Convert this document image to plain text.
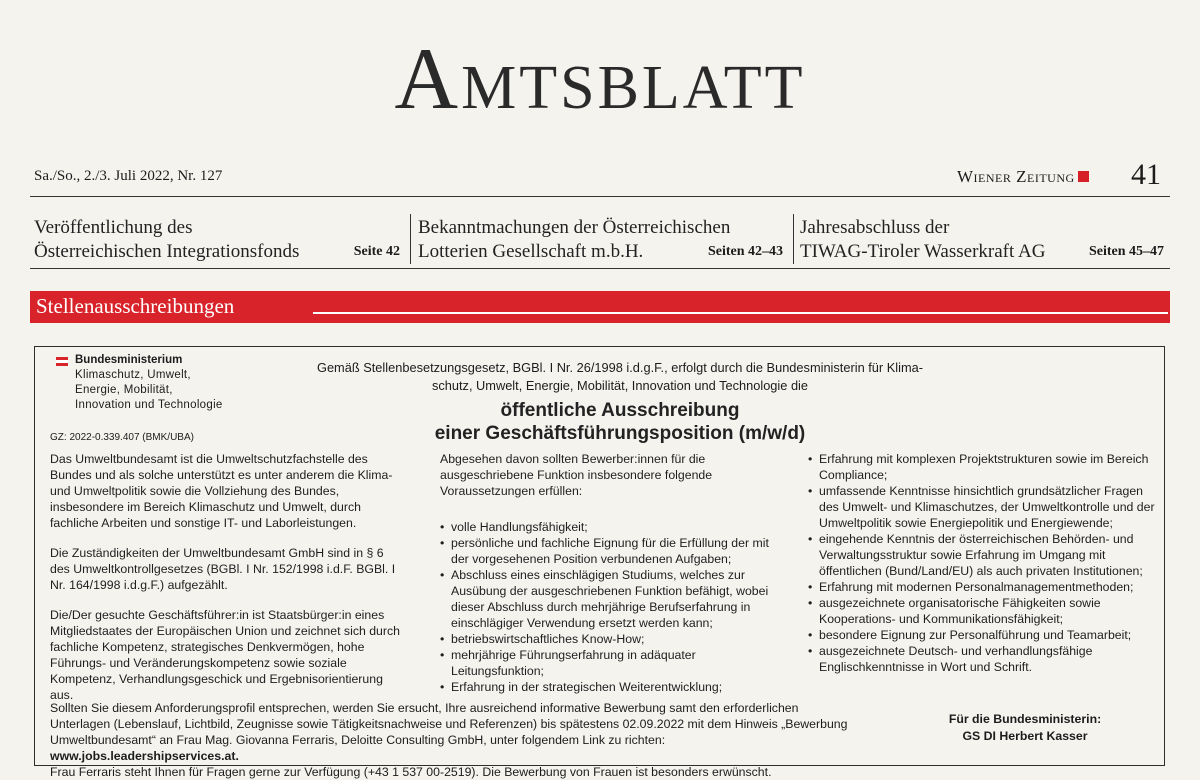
Amtsblatt
Sa./So., 2./3. Juli 2022, Nr. 127	Wiener Zeitung	41
Veröffentlichung des
Österreichischen Integrationsfonds	Seite 42
Bekanntmachungen der Österreichischen
Lotterien Gesellschaft m.b.H.	Seiten 42–43
Jahresabschluss der
TIWAG-Tiroler Wasserkraft AG	Seiten 45–47
Stellenausschreibungen
Bundesministerium
Klimaschutz, Umwelt,
Energie, Mobilität,
Innovation und Technologie
GZ: 2022-0.339.407 (BMK/UBA)
Gemäß Stellenbesetzungsgesetz, BGBl. I Nr. 26/1998 i.d.g.F., erfolgt durch die Bundesministerin für Klima-
schutz, Umwelt, Energie, Mobilität, Innovation und Technologie die
öffentliche Ausschreibung
einer Geschäftsführungsposition (m/w/d)

Das Umweltbundesamt ist die Umweltschutzfachstelle des Bundes und als solche unterstützt es unter anderem die Klima- und Umweltpolitik sowie die Vollziehung des Bundes, insbesondere im Bereich Klimaschutz und Umwelt, durch fachliche Arbeiten und sonstige IT- und Laborleistungen.

Die Zuständigkeiten der Umweltbundesamt GmbH sind in § 6 des Umweltkontrollgesetzes (BGBl. I Nr. 152/1998 i.d.F. BGBl. I Nr. 164/1998 i.d.g.F.) aufgezählt.

Die/Der gesuchte Geschäftsführer:in ist Staatsbürger:in eines Mitgliedstaates der Europäischen Union und zeichnet sich durch fachliche Kompetenz, strategisches Denkvermögen, hohe Führungs- und Veränderungskompetenz sowie soziale Kompetenz, Verhandlungsgeschick und Ergebnisorientierung aus.

Abgesehen davon sollten Bewerber:innen für die ausgeschriebene Funktion insbesondere folgende Voraussetzungen erfüllen:
• volle Handlungsfähigkeit;
• persönliche und fachliche Eignung für die Erfüllung der mit der vorgesehenen Position verbundenen Aufgaben;
• Abschluss eines einschlägigen Studiums, welches zur Ausübung der ausgeschriebenen Funktion befähigt, wobei dieser Abschluss durch mehrjährige Berufserfahrung in einschlägiger Verwendung ersetzt werden kann;
• betriebswirtschaftliches Know-How;
• mehrjährige Führungserfahrung in adäquater Leitungsfunktion;
• Erfahrung in der strategischen Weiterentwicklung;
• Erfahrung mit komplexen Projektstrukturen sowie im Bereich Compliance;
• umfassende Kenntnisse hinsichtlich grundsätzlicher Fragen des Umwelt- und Klimaschutzes, der Umweltkontrolle und der Umweltpolitik sowie Energiepolitik und Energiewende;
• eingehende Kenntnis der österreichischen Behörden- und Verwaltungsstruktur sowie Erfahrung im Umgang mit öffentlichen (Bund/Land/EU) als auch privaten Institutionen;
• Erfahrung mit modernen Personalmanagementmethoden;
• ausgezeichnete organisatorische Fähigkeiten sowie Kooperations- und Kommunikationsfähigkeit;
• besondere Eignung zur Personalführung und Teamarbeit;
• ausgezeichnete Deutsch- und verhandlungsfähige Englischkenntnisse in Wort und Schrift.
Sollten Sie diesem Anforderungsprofil entsprechen, werden Sie ersucht, Ihre ausreichend informative Bewerbung samt den erforderlichen Unterlagen (Lebenslauf, Lichtbild, Zeugnisse sowie Tätigkeitsnachweise und Referenzen) bis spätestens 02.09.2022 mit dem Hinweis „Bewerbung Umweltbundesamt“ an Frau Mag. Giovanna Ferraris, Deloitte Consulting GmbH, unter folgendem Link zu richten: www.jobs.leadershipservices.at.
Frau Ferraris steht Ihnen für Fragen gerne zur Verfügung (+43 1 537 00-2519). Die Bewerbung von Frauen ist besonders erwünscht.
Für die Bundesministerin:
GS DI Herbert Kasser
